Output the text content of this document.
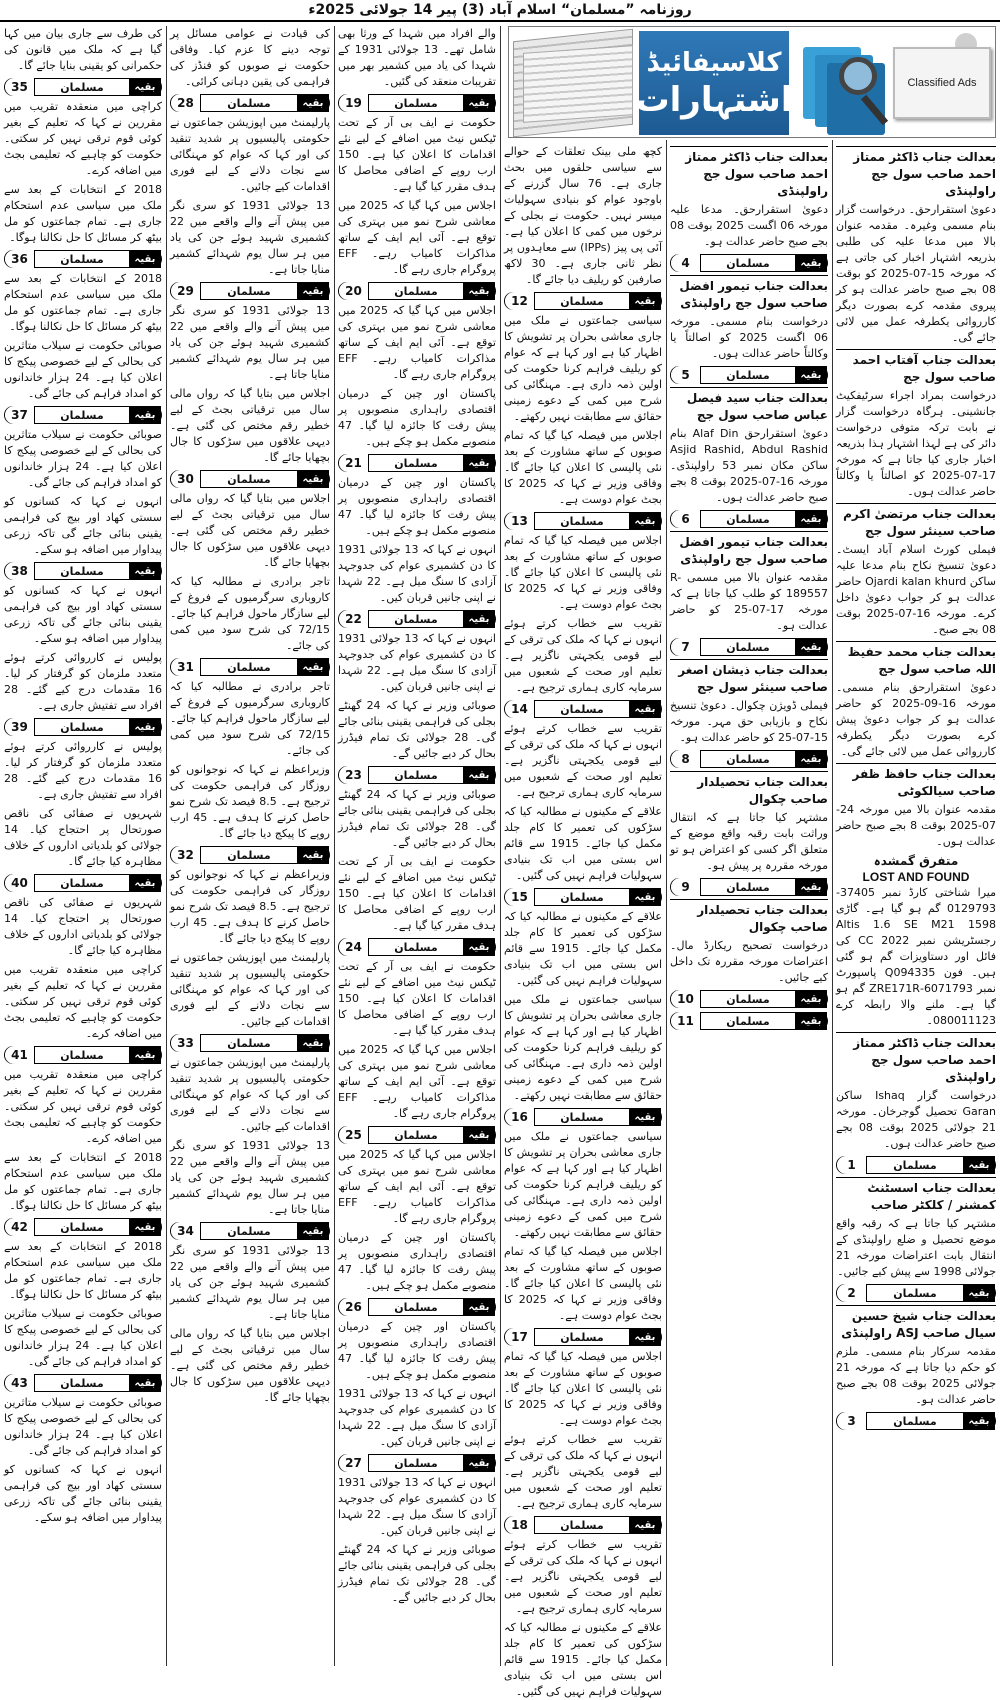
روزنامہ ”مسلمان“ اسلام آباد (3) پیر 14 جولائی 2025ء
کلاسیفائیڈ
اشتہارات	Classified Ads
بعدالت جناب ڈاکٹر ممتاز احمد صاحب سول جج راولپنڈی

دعویٰ استقرارحق۔ درخواست گزار بنام مسمی وغیرہ۔ مقدمہ عنوان بالا میں مدعا علیہ کی طلبی بذریعہ اشتہار اخبار کی جاتی ہے کہ مورخہ 15-07-2025 کو بوقت 08 بجے صبح حاضر عدالت ہو کر پیروی مقدمہ کرے بصورت دیگر کارروائی یکطرفہ عمل میں لائی جائے گی۔

بعدالت جناب آفتاب احمد صاحب سول جج

درخواست بمراد اجراء سرٹیفکیٹ جانشینی۔ ہرگاہ درخواست گزار نے بابت ترکہ متوفی درخواست دائر کی ہے لہذا اشتہار ہذا بذریعہ اخبار جاری کیا جاتا ہے کہ مورخہ 17-07-2025 کو اصالتاً یا وکالتاً حاضر عدالت ہوں۔

بعدالت جناب مرتضیٰ اکرم صاحب سینئر سول جج

فیملی کورٹ اسلام آباد ایسٹ۔ دعویٰ تنسیخ نکاح بنام مدعا علیہ ساکن Ojardi kalan khurd حاضر عدالت ہو کر جواب دعویٰ داخل کرے۔ مورخہ 16-07-2025 بوقت 08 بجے صبح۔

بعدالت جناب محمد حفیظ اللہ صاحب سول جج

دعویٰ استقرارحق بنام مسمی۔ مورخہ 16-09-2025 کو حاضر عدالت ہو کر جواب دعویٰ پیش کرے بصورت دیگر یکطرفہ کارروائی عمل میں لائی جائے گی۔

بعدالت جناب حافظ ظفر صاحب سیالکوٹی

مقدمہ عنوان بالا میں مورخہ 24-07-2025 بوقت 8 بجے صبح حاضر عدالت ہوں۔

متفرق گمشدہ
LOST AND FOUND

میرا شناختی کارڈ نمبر 37405-0129793 گم ہو گیا ہے۔ گاڑی Altis 1.6 SE M21 1598 رجسٹریشن نمبر CC 2022 کی فائل اور دستاویزات گم ہو گئی ہیں۔ فون Q094335 پاسپورٹ نمبر 6071793-ZRE171R گم ہو گیا ہے۔ ملنے والا رابطہ کرے 080011123۔

بعدالت جناب ڈاکٹر ممتاز احمد صاحب سول جج راولپنڈی

درخواست گزار Ishaq ساکن Garan تحصیل گوجرخان۔ مورخہ 21 جولائی 2025 بوقت 08 بجے صبح حاضر عدالت ہوں۔

1	مسلمان	بقیہ
بعدالت جناب اسسٹنٹ کمشنر / کلکٹر صاحب

مشتہر کیا جاتا ہے کہ رقبہ واقع موضع تحصیل و ضلع راولپنڈی کے انتقال بابت اعتراضات مورخہ 21 جولائی 1998 سے پیش کیے جائیں۔

2	مسلمان	بقیہ
بعدالت جناب شیخ حسین سیال صاحب ASJ راولپنڈی

مقدمہ سرکار بنام مسمی۔ ملزم کو حکم دیا جاتا ہے کہ مورخہ 21 جولائی 2025 بوقت 08 بجے صبح حاضر عدالت ہو۔

3	مسلمان	بقیہ
بعدالت جناب ڈاکٹر ممتاز احمد صاحب سول جج راولپنڈی

دعویٰ استقرارحق۔ مدعا علیہ مورخہ 06 اگست 2025 بوقت 08 بجے صبح حاضر عدالت ہو۔

4	مسلمان	بقیہ
بعدالت جناب تیمور افضل صاحب سول جج راولپنڈی

درخواست بنام مسمی۔ مورخہ 06 اگست 2025 کو اصالتاً یا وکالتاً حاضر عدالت ہوں۔

5	مسلمان	بقیہ
بعدالت جناب سید فیصل عباس صاحب سول جج

دعویٰ استقرارحق Alaf Din بنام Asjid Rashid, Abdul Rashid ساکن مکان نمبر 53 راولپنڈی۔ مورخہ 16-07-2025 بوقت 8 بجے صبح حاضر عدالت ہوں۔

6	مسلمان	بقیہ
بعدالت جناب تیمور افضل صاحب سول جج راولپنڈی

مقدمہ عنوان بالا میں مسمی R-189557 کو طلب کیا جاتا ہے کہ مورخہ 17-07-25 کو حاضر عدالت ہو۔

7	مسلمان	بقیہ
بعدالت جناب ذیشان اصغر صاحب سینئر سول جج

فیملی ڈویژن چکوال۔ دعویٰ تنسیخ نکاح و بازیابی حق مہر۔ مورخہ 15-07-25 کو حاضر عدالت ہو۔

8	مسلمان	بقیہ
بعدالت جناب تحصیلدار صاحب چکوال

مشتہر کیا جاتا ہے کہ انتقال وراثت بابت رقبہ واقع موضع کے متعلق اگر کسی کو اعتراض ہو تو مورخہ مقررہ پر پیش ہو۔

9	مسلمان	بقیہ
بعدالت جناب تحصیلدار صاحب چکوال

درخواست تصحیح ریکارڈ مال۔ اعتراضات مورخہ مقررہ تک داخل کیے جائیں۔

10	مسلمان	بقیہ
11	مسلمان	بقیہ

کچھ ملی بینک تعلقات کے حوالے سے سیاسی حلقوں میں بحث جاری ہے۔ 76 سال گزرنے کے باوجود عوام کو بنیادی سہولیات میسر نہیں۔ حکومت نے بجلی کے نرخوں میں کمی کا اعلان کیا ہے۔ آئی پی پیز (IPPs) سے معاہدوں پر نظر ثانی جاری ہے۔ 30 لاکھ صارفین کو ریلیف دیا جائے گا۔

12	مسلمان	بقیہ

سیاسی جماعتوں نے ملک میں جاری معاشی بحران پر تشویش کا اظہار کیا ہے اور کہا ہے کہ عوام کو ریلیف فراہم کرنا حکومت کی اولین ذمہ داری ہے۔ مہنگائی کی شرح میں کمی کے دعوے زمینی حقائق سے مطابقت نہیں رکھتے۔

اجلاس میں فیصلہ کیا گیا کہ تمام صوبوں کے ساتھ مشاورت کے بعد نئی پالیسی کا اعلان کیا جائے گا۔ وفاقی وزیر نے کہا کہ 2025 کا بجٹ عوام دوست ہے۔

13	مسلمان	بقیہ

اجلاس میں فیصلہ کیا گیا کہ تمام صوبوں کے ساتھ مشاورت کے بعد نئی پالیسی کا اعلان کیا جائے گا۔ وفاقی وزیر نے کہا کہ 2025 کا بجٹ عوام دوست ہے۔

تقریب سے خطاب کرتے ہوئے انہوں نے کہا کہ ملک کی ترقی کے لیے قومی یکجہتی ناگزیر ہے۔ تعلیم اور صحت کے شعبوں میں سرمایہ کاری ہماری ترجیح ہے۔

14	مسلمان	بقیہ

تقریب سے خطاب کرتے ہوئے انہوں نے کہا کہ ملک کی ترقی کے لیے قومی یکجہتی ناگزیر ہے۔ تعلیم اور صحت کے شعبوں میں سرمایہ کاری ہماری ترجیح ہے۔

علاقے کے مکینوں نے مطالبہ کیا کہ سڑکوں کی تعمیر کا کام جلد مکمل کیا جائے۔ 1915 سے قائم اس بستی میں اب تک بنیادی سہولیات فراہم نہیں کی گئیں۔

15	مسلمان	بقیہ

علاقے کے مکینوں نے مطالبہ کیا کہ سڑکوں کی تعمیر کا کام جلد مکمل کیا جائے۔ 1915 سے قائم اس بستی میں اب تک بنیادی سہولیات فراہم نہیں کی گئیں۔

سیاسی جماعتوں نے ملک میں جاری معاشی بحران پر تشویش کا اظہار کیا ہے اور کہا ہے کہ عوام کو ریلیف فراہم کرنا حکومت کی اولین ذمہ داری ہے۔ مہنگائی کی شرح میں کمی کے دعوے زمینی حقائق سے مطابقت نہیں رکھتے۔

16	مسلمان	بقیہ

سیاسی جماعتوں نے ملک میں جاری معاشی بحران پر تشویش کا اظہار کیا ہے اور کہا ہے کہ عوام کو ریلیف فراہم کرنا حکومت کی اولین ذمہ داری ہے۔ مہنگائی کی شرح میں کمی کے دعوے زمینی حقائق سے مطابقت نہیں رکھتے۔

اجلاس میں فیصلہ کیا گیا کہ تمام صوبوں کے ساتھ مشاورت کے بعد نئی پالیسی کا اعلان کیا جائے گا۔ وفاقی وزیر نے کہا کہ 2025 کا بجٹ عوام دوست ہے۔

17	مسلمان	بقیہ

اجلاس میں فیصلہ کیا گیا کہ تمام صوبوں کے ساتھ مشاورت کے بعد نئی پالیسی کا اعلان کیا جائے گا۔ وفاقی وزیر نے کہا کہ 2025 کا بجٹ عوام دوست ہے۔

تقریب سے خطاب کرتے ہوئے انہوں نے کہا کہ ملک کی ترقی کے لیے قومی یکجہتی ناگزیر ہے۔ تعلیم اور صحت کے شعبوں میں سرمایہ کاری ہماری ترجیح ہے۔

18	مسلمان	بقیہ

تقریب سے خطاب کرتے ہوئے انہوں نے کہا کہ ملک کی ترقی کے لیے قومی یکجہتی ناگزیر ہے۔ تعلیم اور صحت کے شعبوں میں سرمایہ کاری ہماری ترجیح ہے۔

علاقے کے مکینوں نے مطالبہ کیا کہ سڑکوں کی تعمیر کا کام جلد مکمل کیا جائے۔ 1915 سے قائم اس بستی میں اب تک بنیادی سہولیات فراہم نہیں کی گئیں۔

والے افراد میں شہدا کے ورثا بھی شامل تھے۔ 13 جولائی 1931 کے شہدا کی یاد میں کشمیر بھر میں تقریبات منعقد کی گئیں۔

19	مسلمان	بقیہ

حکومت نے ایف بی آر کے تحت ٹیکس نیٹ میں اضافے کے لیے نئے اقدامات کا اعلان کیا ہے۔ 150 ارب روپے کے اضافی محاصل کا ہدف مقرر کیا گیا ہے۔

اجلاس میں کہا گیا کہ 2025 میں معاشی شرح نمو میں بہتری کی توقع ہے۔ آئی ایم ایف کے ساتھ مذاکرات کامیاب رہے۔ EFF پروگرام جاری رہے گا۔

20	مسلمان	بقیہ

اجلاس میں کہا گیا کہ 2025 میں معاشی شرح نمو میں بہتری کی توقع ہے۔ آئی ایم ایف کے ساتھ مذاکرات کامیاب رہے۔ EFF پروگرام جاری رہے گا۔

پاکستان اور چین کے درمیان اقتصادی راہداری منصوبوں پر پیش رفت کا جائزہ لیا گیا۔ 47 منصوبے مکمل ہو چکے ہیں۔

21	مسلمان	بقیہ

پاکستان اور چین کے درمیان اقتصادی راہداری منصوبوں پر پیش رفت کا جائزہ لیا گیا۔ 47 منصوبے مکمل ہو چکے ہیں۔

انہوں نے کہا کہ 13 جولائی 1931 کا دن کشمیری عوام کی جدوجہد آزادی کا سنگ میل ہے۔ 22 شہدا نے اپنی جانیں قربان کیں۔

22	مسلمان	بقیہ

انہوں نے کہا کہ 13 جولائی 1931 کا دن کشمیری عوام کی جدوجہد آزادی کا سنگ میل ہے۔ 22 شہدا نے اپنی جانیں قربان کیں۔

صوبائی وزیر نے کہا کہ 24 گھنٹے بجلی کی فراہمی یقینی بنائی جائے گی۔ 28 جولائی تک تمام فیڈرز بحال کر دیے جائیں گے۔

23	مسلمان	بقیہ

صوبائی وزیر نے کہا کہ 24 گھنٹے بجلی کی فراہمی یقینی بنائی جائے گی۔ 28 جولائی تک تمام فیڈرز بحال کر دیے جائیں گے۔

حکومت نے ایف بی آر کے تحت ٹیکس نیٹ میں اضافے کے لیے نئے اقدامات کا اعلان کیا ہے۔ 150 ارب روپے کے اضافی محاصل کا ہدف مقرر کیا گیا ہے۔

24	مسلمان	بقیہ

حکومت نے ایف بی آر کے تحت ٹیکس نیٹ میں اضافے کے لیے نئے اقدامات کا اعلان کیا ہے۔ 150 ارب روپے کے اضافی محاصل کا ہدف مقرر کیا گیا ہے۔

اجلاس میں کہا گیا کہ 2025 میں معاشی شرح نمو میں بہتری کی توقع ہے۔ آئی ایم ایف کے ساتھ مذاکرات کامیاب رہے۔ EFF پروگرام جاری رہے گا۔

25	مسلمان	بقیہ

اجلاس میں کہا گیا کہ 2025 میں معاشی شرح نمو میں بہتری کی توقع ہے۔ آئی ایم ایف کے ساتھ مذاکرات کامیاب رہے۔ EFF پروگرام جاری رہے گا۔

پاکستان اور چین کے درمیان اقتصادی راہداری منصوبوں پر پیش رفت کا جائزہ لیا گیا۔ 47 منصوبے مکمل ہو چکے ہیں۔

26	مسلمان	بقیہ

پاکستان اور چین کے درمیان اقتصادی راہداری منصوبوں پر پیش رفت کا جائزہ لیا گیا۔ 47 منصوبے مکمل ہو چکے ہیں۔

انہوں نے کہا کہ 13 جولائی 1931 کا دن کشمیری عوام کی جدوجہد آزادی کا سنگ میل ہے۔ 22 شہدا نے اپنی جانیں قربان کیں۔

27	مسلمان	بقیہ

انہوں نے کہا کہ 13 جولائی 1931 کا دن کشمیری عوام کی جدوجہد آزادی کا سنگ میل ہے۔ 22 شہدا نے اپنی جانیں قربان کیں۔

صوبائی وزیر نے کہا کہ 24 گھنٹے بجلی کی فراہمی یقینی بنائی جائے گی۔ 28 جولائی تک تمام فیڈرز بحال کر دیے جائیں گے۔

کی قیادت نے عوامی مسائل پر توجہ دینے کا عزم کیا۔ وفاقی حکومت نے صوبوں کو فنڈز کی فراہمی کی یقین دہانی کرائی۔

28	مسلمان	بقیہ

پارلیمنٹ میں اپوزیشن جماعتوں نے حکومتی پالیسیوں پر شدید تنقید کی اور کہا کہ عوام کو مہنگائی سے نجات دلانے کے لیے فوری اقدامات کیے جائیں۔

13 جولائی 1931 کو سری نگر میں پیش آنے والے واقعے میں 22 کشمیری شہید ہوئے جن کی یاد میں ہر سال یوم شہدائے کشمیر منایا جاتا ہے۔

29	مسلمان	بقیہ

13 جولائی 1931 کو سری نگر میں پیش آنے والے واقعے میں 22 کشمیری شہید ہوئے جن کی یاد میں ہر سال یوم شہدائے کشمیر منایا جاتا ہے۔

اجلاس میں بتایا گیا کہ رواں مالی سال میں ترقیاتی بجٹ کے لیے خطیر رقم مختص کی گئی ہے۔ دیہی علاقوں میں سڑکوں کا جال بچھایا جائے گا۔

30	مسلمان	بقیہ

اجلاس میں بتایا گیا کہ رواں مالی سال میں ترقیاتی بجٹ کے لیے خطیر رقم مختص کی گئی ہے۔ دیہی علاقوں میں سڑکوں کا جال بچھایا جائے گا۔

تاجر برادری نے مطالبہ کیا کہ کاروباری سرگرمیوں کے فروغ کے لیے سازگار ماحول فراہم کیا جائے۔ 72/15 کی شرح سود میں کمی کی جائے۔

31	مسلمان	بقیہ

تاجر برادری نے مطالبہ کیا کہ کاروباری سرگرمیوں کے فروغ کے لیے سازگار ماحول فراہم کیا جائے۔ 72/15 کی شرح سود میں کمی کی جائے۔

وزیراعظم نے کہا کہ نوجوانوں کو روزگار کی فراہمی حکومت کی ترجیح ہے۔ 8.5 فیصد تک شرح نمو حاصل کرنے کا ہدف ہے۔ 45 ارب روپے کا پیکج دیا جائے گا۔

32	مسلمان	بقیہ

وزیراعظم نے کہا کہ نوجوانوں کو روزگار کی فراہمی حکومت کی ترجیح ہے۔ 8.5 فیصد تک شرح نمو حاصل کرنے کا ہدف ہے۔ 45 ارب روپے کا پیکج دیا جائے گا۔

پارلیمنٹ میں اپوزیشن جماعتوں نے حکومتی پالیسیوں پر شدید تنقید کی اور کہا کہ عوام کو مہنگائی سے نجات دلانے کے لیے فوری اقدامات کیے جائیں۔

33	مسلمان	بقیہ

پارلیمنٹ میں اپوزیشن جماعتوں نے حکومتی پالیسیوں پر شدید تنقید کی اور کہا کہ عوام کو مہنگائی سے نجات دلانے کے لیے فوری اقدامات کیے جائیں۔

13 جولائی 1931 کو سری نگر میں پیش آنے والے واقعے میں 22 کشمیری شہید ہوئے جن کی یاد میں ہر سال یوم شہدائے کشمیر منایا جاتا ہے۔

34	مسلمان	بقیہ

13 جولائی 1931 کو سری نگر میں پیش آنے والے واقعے میں 22 کشمیری شہید ہوئے جن کی یاد میں ہر سال یوم شہدائے کشمیر منایا جاتا ہے۔

اجلاس میں بتایا گیا کہ رواں مالی سال میں ترقیاتی بجٹ کے لیے خطیر رقم مختص کی گئی ہے۔ دیہی علاقوں میں سڑکوں کا جال بچھایا جائے گا۔

کی طرف سے جاری بیان میں کہا گیا ہے کہ ملک میں قانون کی حکمرانی کو یقینی بنایا جائے گا۔

35	مسلمان	بقیہ

کراچی میں منعقدہ تقریب میں مقررین نے کہا کہ تعلیم کے بغیر کوئی قوم ترقی نہیں کر سکتی۔ حکومت کو چاہیے کہ تعلیمی بجٹ میں اضافہ کرے۔

2018 کے انتخابات کے بعد سے ملک میں سیاسی عدم استحکام جاری ہے۔ تمام جماعتوں کو مل بیٹھ کر مسائل کا حل نکالنا ہوگا۔

36	مسلمان	بقیہ

2018 کے انتخابات کے بعد سے ملک میں سیاسی عدم استحکام جاری ہے۔ تمام جماعتوں کو مل بیٹھ کر مسائل کا حل نکالنا ہوگا۔

صوبائی حکومت نے سیلاب متاثرین کی بحالی کے لیے خصوصی پیکج کا اعلان کیا ہے۔ 24 ہزار خاندانوں کو امداد فراہم کی جائے گی۔

37	مسلمان	بقیہ

صوبائی حکومت نے سیلاب متاثرین کی بحالی کے لیے خصوصی پیکج کا اعلان کیا ہے۔ 24 ہزار خاندانوں کو امداد فراہم کی جائے گی۔

انہوں نے کہا کہ کسانوں کو سستی کھاد اور بیج کی فراہمی یقینی بنائی جائے گی تاکہ زرعی پیداوار میں اضافہ ہو سکے۔

38	مسلمان	بقیہ

انہوں نے کہا کہ کسانوں کو سستی کھاد اور بیج کی فراہمی یقینی بنائی جائے گی تاکہ زرعی پیداوار میں اضافہ ہو سکے۔

پولیس نے کارروائی کرتے ہوئے متعدد ملزمان کو گرفتار کر لیا۔ 16 مقدمات درج کیے گئے۔ 28 افراد سے تفتیش جاری ہے۔

39	مسلمان	بقیہ

پولیس نے کارروائی کرتے ہوئے متعدد ملزمان کو گرفتار کر لیا۔ 16 مقدمات درج کیے گئے۔ 28 افراد سے تفتیش جاری ہے۔

شہریوں نے صفائی کی ناقص صورتحال پر احتجاج کیا۔ 14 جولائی کو بلدیاتی اداروں کے خلاف مظاہرہ کیا جائے گا۔

40	مسلمان	بقیہ

شہریوں نے صفائی کی ناقص صورتحال پر احتجاج کیا۔ 14 جولائی کو بلدیاتی اداروں کے خلاف مظاہرہ کیا جائے گا۔

کراچی میں منعقدہ تقریب میں مقررین نے کہا کہ تعلیم کے بغیر کوئی قوم ترقی نہیں کر سکتی۔ حکومت کو چاہیے کہ تعلیمی بجٹ میں اضافہ کرے۔

41	مسلمان	بقیہ

کراچی میں منعقدہ تقریب میں مقررین نے کہا کہ تعلیم کے بغیر کوئی قوم ترقی نہیں کر سکتی۔ حکومت کو چاہیے کہ تعلیمی بجٹ میں اضافہ کرے۔

2018 کے انتخابات کے بعد سے ملک میں سیاسی عدم استحکام جاری ہے۔ تمام جماعتوں کو مل بیٹھ کر مسائل کا حل نکالنا ہوگا۔

42	مسلمان	بقیہ

2018 کے انتخابات کے بعد سے ملک میں سیاسی عدم استحکام جاری ہے۔ تمام جماعتوں کو مل بیٹھ کر مسائل کا حل نکالنا ہوگا۔

صوبائی حکومت نے سیلاب متاثرین کی بحالی کے لیے خصوصی پیکج کا اعلان کیا ہے۔ 24 ہزار خاندانوں کو امداد فراہم کی جائے گی۔

43	مسلمان	بقیہ

صوبائی حکومت نے سیلاب متاثرین کی بحالی کے لیے خصوصی پیکج کا اعلان کیا ہے۔ 24 ہزار خاندانوں کو امداد فراہم کی جائے گی۔

انہوں نے کہا کہ کسانوں کو سستی کھاد اور بیج کی فراہمی یقینی بنائی جائے گی تاکہ زرعی پیداوار میں اضافہ ہو سکے۔
